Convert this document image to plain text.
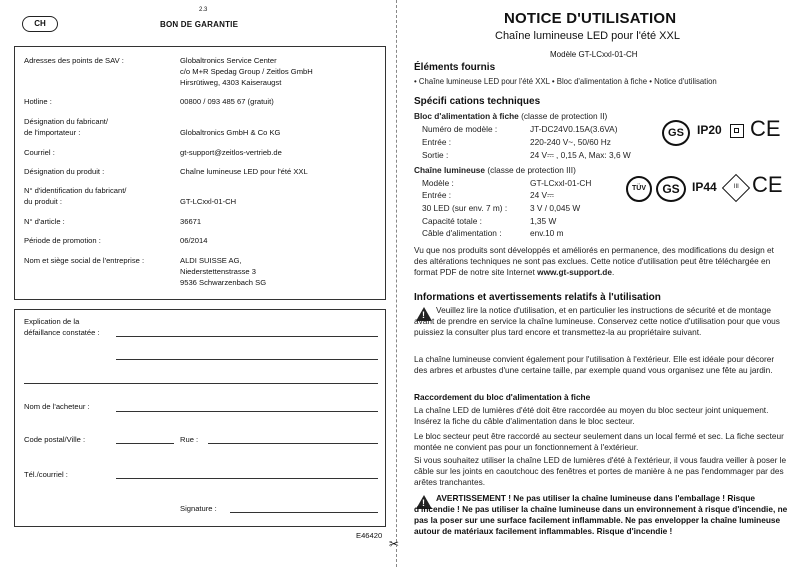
2.3
CH	BON DE GARANTIE
Adresses des points de SAV :	Globaltronics Service Center
c/o M+R Spedag Group / Zeitlos GmbH
Hirsrütiweg, 4303 Kaiseraugst
Hotline :	00800 / 093 485 67 (gratuit)
Désignation du fabricant/
de l'importateur :	Globaltronics GmbH & Co KG
Courriel :	gt-support@zeitlos-vertrieb.de
Désignation du produit :	Chaîne lumineuse LED pour l'été XXL
N° d'identification du fabricant/
du produit :	GT-LCxxl-01-CH
N° d'article :	36671
Période de promotion :	06/2014
Nom et siège social de l'entreprise :	ALDI SUISSE AG,
Niederstettenstrasse 3
9536 Schwarzenbach SG
Explication de la
défaillance constatée :
Nom de l'acheteur :
Code postal/Ville :	Rue :
Tél./courriel :
Signature :
E46420
✂
NOTICE D'UTILISATION
Chaîne lumineuse LED pour l'été XXL
Modèle GT-LCxxl-01-CH
Éléments fournis
• Chaîne lumineuse LED pour l'été XXL • Bloc d'alimentation à fiche • Notice d'utilisation
Spécifi cations techniques
Bloc d'alimentation à fiche (classe de protection II)
Numéro de modèle :	JT-DC24V0.15A(3.6VA)
Entrée :	220-240 V~, 50/60 Hz
Sortie :	24 V⎓ , 0,15 A, Max: 3,6 W
GS	IP20 CE
Chaîne lumineuse (classe de protection III)
Modèle :	GT-LCxxl-01-CH
Entrée :	24 V⎓
30 LED (sur env. 7 m) :	3 V / 0,045 W
Capacité totale :	1,35 W
Câble d'alimentation :	env.10 m
TÜV	GS	IP44	III CE
Vu que nos produits sont développés et améliorés en permanence, des modifications du design et des altérations techniques ne sont pas exclues. Cette notice d'utilisation peut être téléchargée en format PDF de notre site Internet www.gt-support.de.
Informations et avertissements relatifs à l'utilisation
!
Veuillez lire la notice d'utilisation, et en particulier les instructions de sécurité et de montage avant de prendre en service la chaîne lumineuse. Conservez cette notice d'utilisation pour que vous puissiez la consulter plus tard encore et transmettez-la au propriétaire suivant.
La chaîne lumineuse convient également pour l'utilisation à l'extérieur. Elle est idéale pour décorer des arbres et arbustes d'une certaine taille, par exemple quand vous organisez une fête au jardin.
Raccordement du bloc d'alimentation à fiche
La chaîne LED de lumières d'été doit être raccordée au moyen du bloc secteur joint uniquement. Insérez la fiche du câble d'alimentation dans le bloc secteur.
Le bloc secteur peut être raccordé au secteur seulement dans un local fermé et sec. La fiche secteur montée ne convient pas pour un fonctionnement à l'extérieur.
Si vous souhaitez utiliser la chaîne LED de lumières d'été à l'extérieur, il vous faudra veiller à poser le câble sur les joints en caoutchouc des fenêtres et portes de manière à ne pas l'endommager par des arêtes tranchantes.
!
AVERTISSEMENT ! Ne pas utiliser la chaîne lumineuse dans l'emballage ! Risque d'incendie ! Ne pas utiliser la chaîne lumineuse dans un environnement à risque d'incendie, ne pas la poser sur une surface facilement inflammable. Ne pas envelopper la chaîne lumineuse autour de matériaux facilement inflammables. Risque d'incendie !
